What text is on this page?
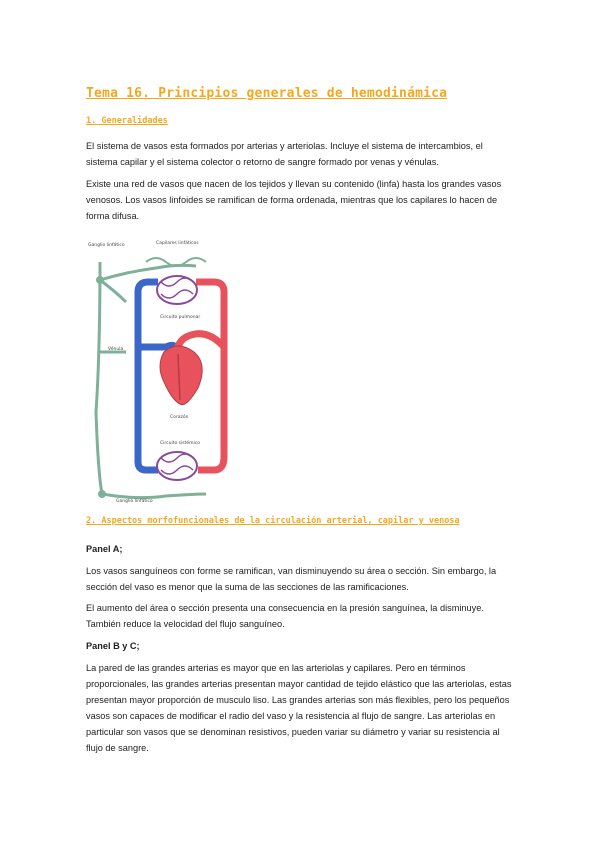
Tema 16. Principios generales de hemodinámica
1. Generalidades

El sistema de vasos esta formados por arterias y arteriolas. Incluye el sistema de intercambios, el sistema capilar y el sistema colector o retorno de sangre formado por venas y vénulas.

Existe una red de vasos que nacen de los tejidos y llevan su contenido (linfa) hasta los grandes vasos venosos. Los vasos linfoides se ramifican de forma ordenada, mientras que los capilares lo hacen de forma difusa.

Ganglio linfático	Capilares linfáticos
Circuito pulmonar
Vénula
Corazón
Circuito sistémico
Ganglio linfático
2. Aspectos morfofuncionales de la circulación arterial, capilar y venosa

Panel A;

Los vasos sanguíneos con forme se ramifican, van disminuyendo su área o sección. Sin embargo, la sección del vaso es menor que la suma de las secciones de las ramificaciones.

El aumento del área o sección presenta una consecuencia en la presión sanguínea, la disminuye. También reduce la velocidad del flujo sanguíneo.

Panel B y C;

La pared de las grandes arterias es mayor que en las arteriolas y capilares. Pero en términos proporcionales, las grandes arterias presentan mayor cantidad de tejido elástico que las arteriolas, estas presentan mayor proporción de musculo liso. Las grandes arterias son más flexibles, pero los pequeños vasos son capaces de modificar el radio del vaso y la resistencia al flujo de sangre. Las arteriolas en particular son vasos que se denominan resistivos, pueden variar su diámetro y variar su resistencia al flujo de sangre.
